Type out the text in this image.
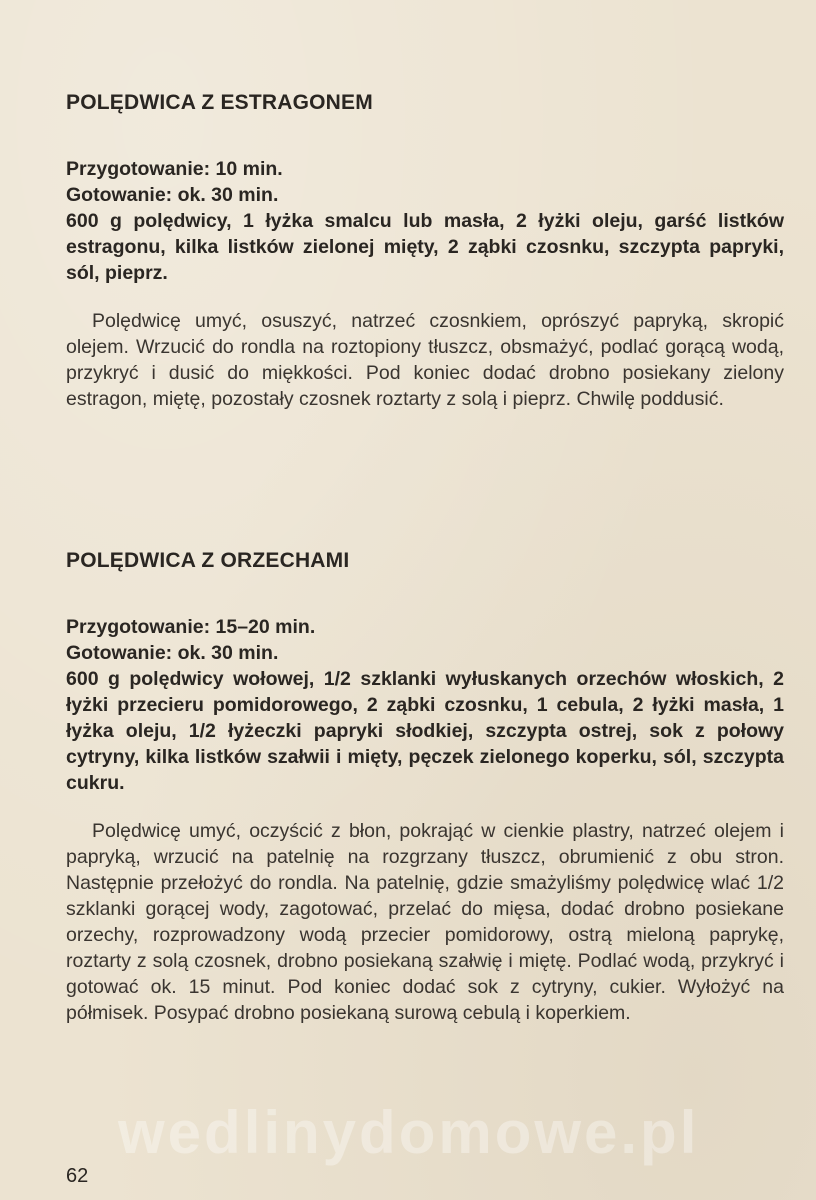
POLĘDWICA Z ESTRAGONEM

Przygotowanie: 10 min.

Gotowanie: ok. 30 min.

600 g polędwicy, 1 łyżka smalcu lub masła, 2 łyżki oleju, garść listków estragonu, kilka listków zielonej mięty, 2 ząbki czosnku, szczypta papryki, sól, pieprz.

Polędwicę umyć, osuszyć, natrzeć czosnkiem, oprószyć papryką, skropić olejem. Wrzucić do rondla na roztopiony tłuszcz, obsmażyć, podlać gorącą wodą, przykryć i dusić do miękkości. Pod koniec dodać drobno posiekany zielony estragon, miętę, pozostały czosnek roztarty z solą i pieprz. Chwilę poddusić.

POLĘDWICA Z ORZECHAMI

Przygotowanie: 15–20 min.

Gotowanie: ok. 30 min.

600 g polędwicy wołowej, 1/2 szklanki wyłuskanych orzechów włoskich, 2 łyżki przecieru pomidorowego, 2 ząbki czosnku, 1 cebula, 2 łyżki masła, 1 łyżka oleju, 1/2 łyżeczki papryki słodkiej, szczypta ostrej, sok z połowy cytryny, kilka listków szałwii i mięty, pęczek zielonego koperku, sól, szczypta cukru.

Polędwicę umyć, oczyścić z błon, pokrająć w cienkie plastry, natrzeć olejem i papryką, wrzucić na patelnię na rozgrzany tłuszcz, obrumienić z obu stron. Następnie przełożyć do rondla. Na patelnię, gdzie smażyliśmy polędwicę wlać 1/2 szklanki gorącej wody, zagotować, przelać do mięsa, dodać drobno posiekane orzechy, rozprowadzony wodą przecier pomidorowy, ostrą mieloną paprykę, roztarty z solą czosnek, drobno posiekaną szałwię i miętę. Podlać wodą, przykryć i gotować ok. 15 minut. Pod koniec dodać sok z cytryny, cukier. Wyłożyć na półmisek. Posypać drobno posiekaną surową cebulą i koperkiem.

wedlinydomowe.pl
62
